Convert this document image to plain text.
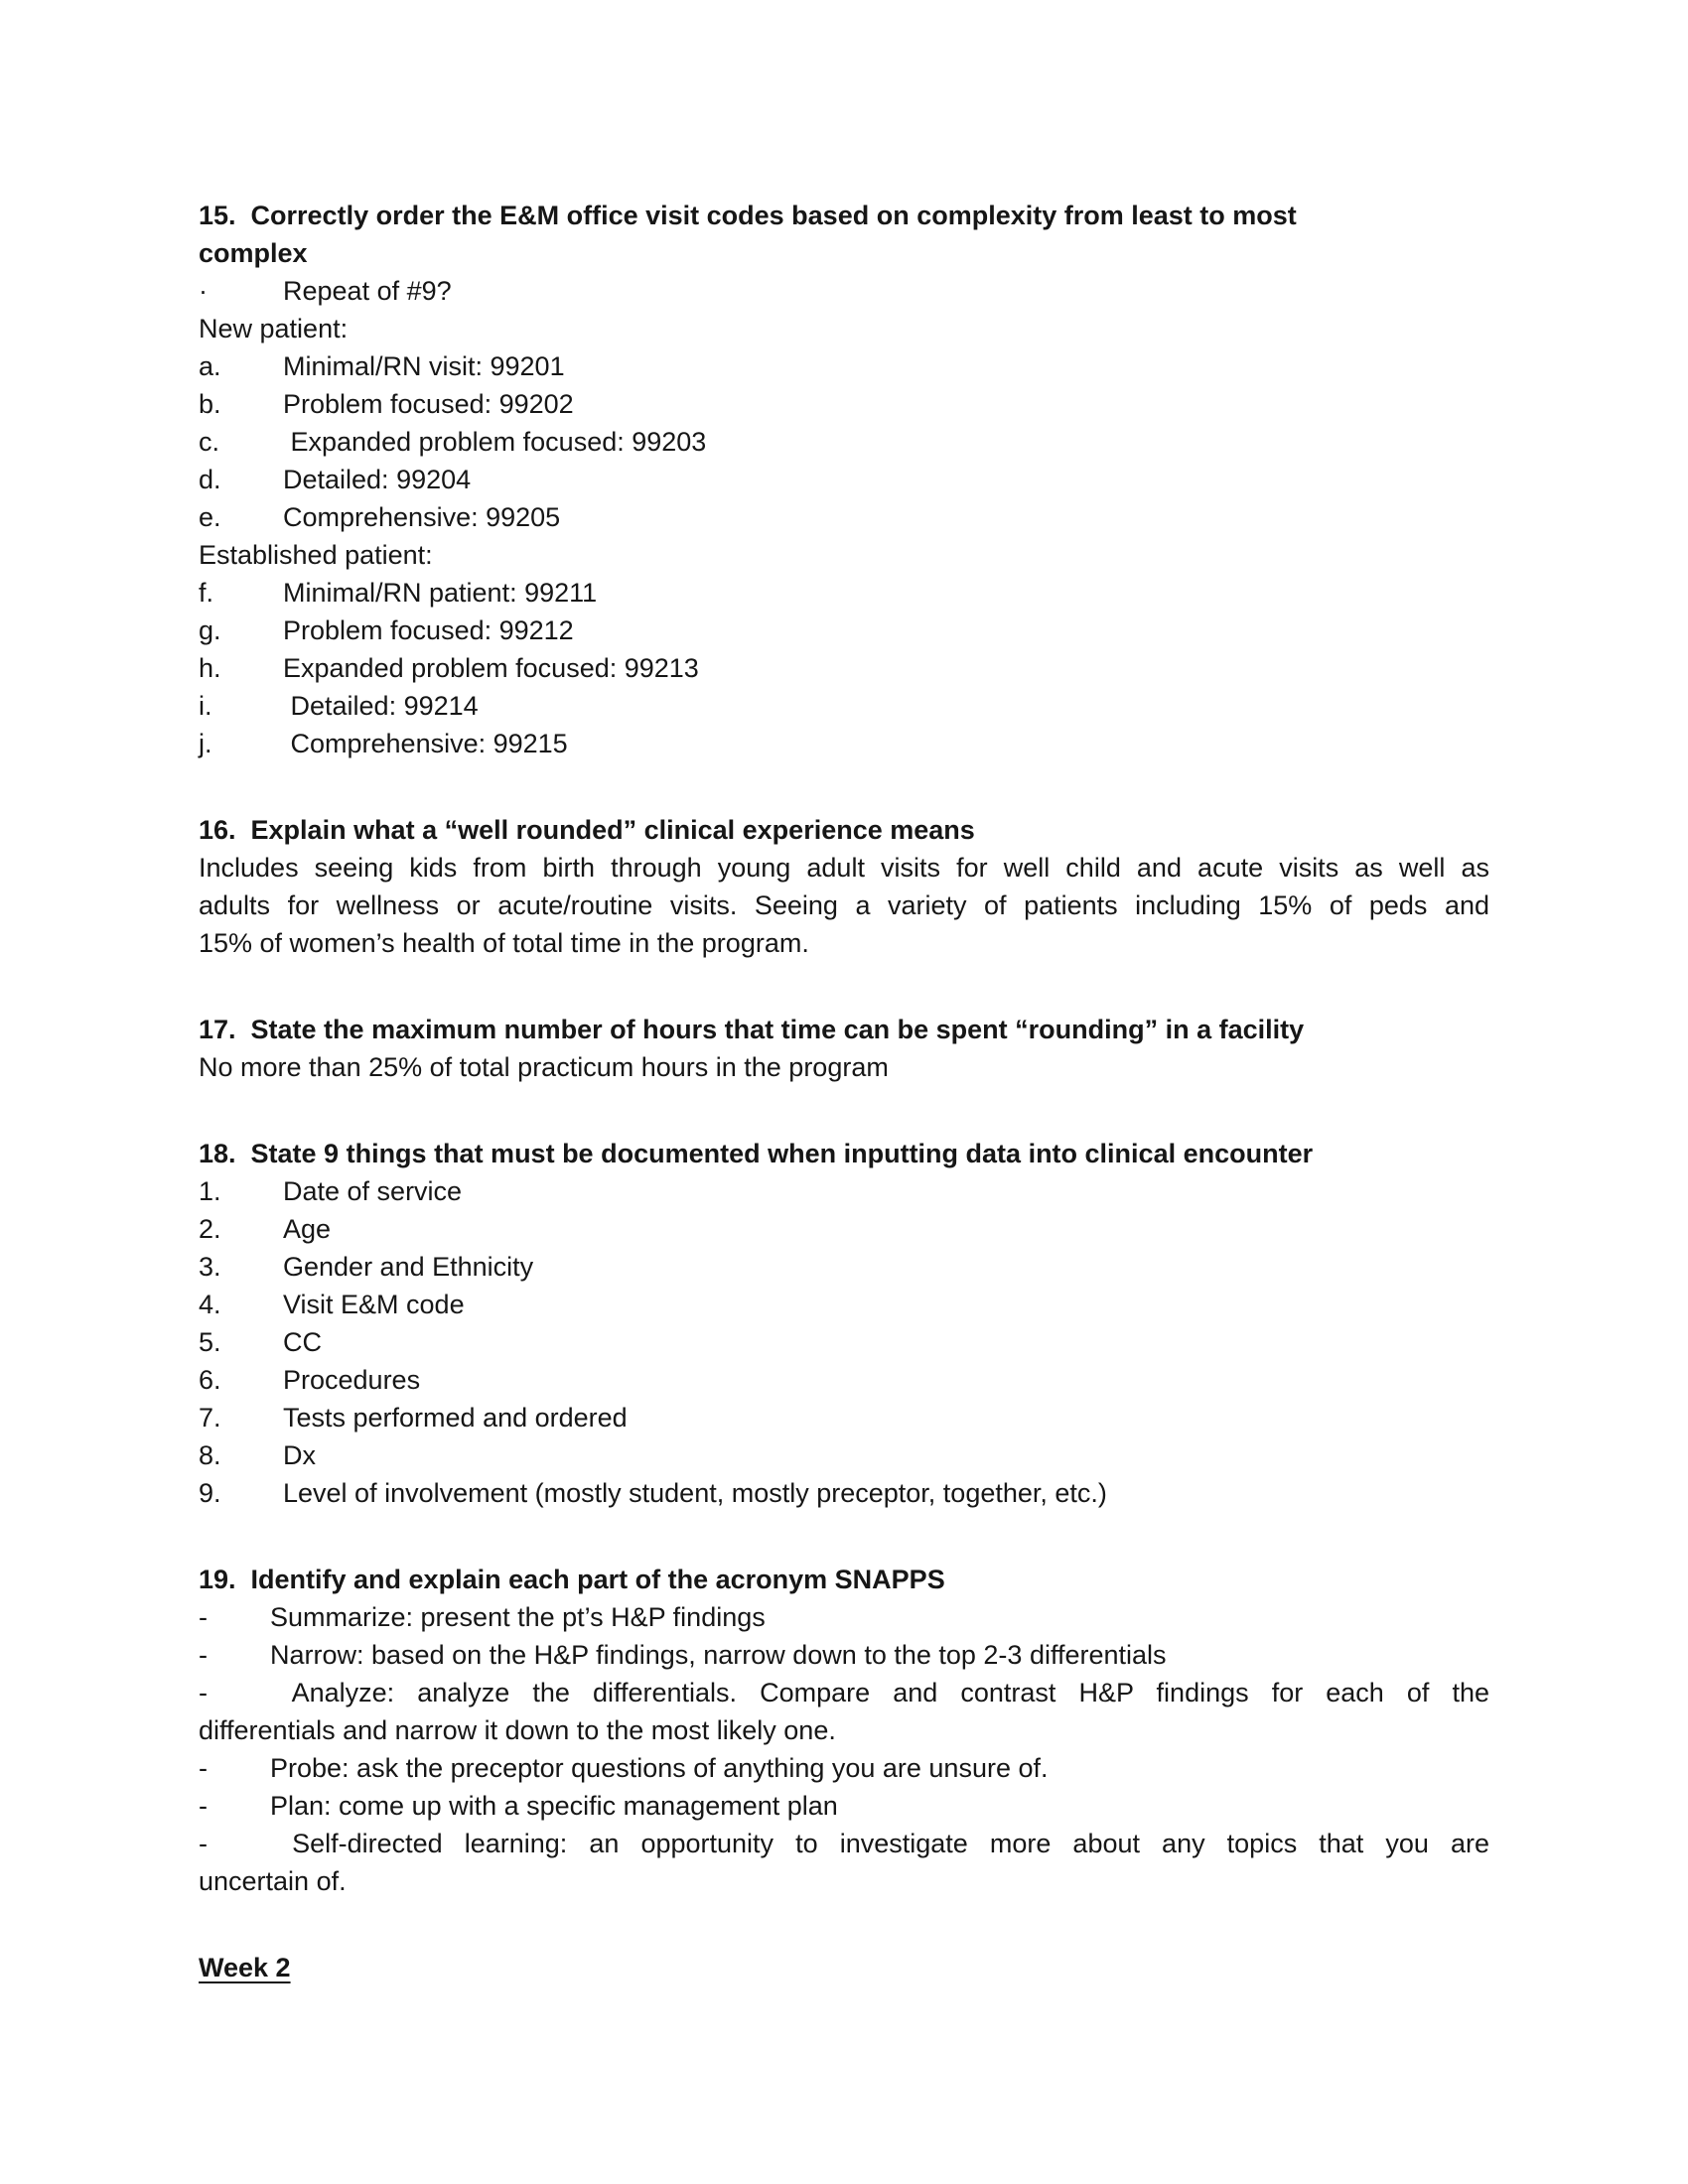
15.  Correctly order the E&M office visit codes based on complexity from least to most
complex
·	Repeat of #9?
New patient:
a. Minimal/RN visit: 99201
b. Problem focused: 99202
c. Expanded problem focused: 99203
d. Detailed: 99204
e. Comprehensive: 99205
Established patient:
f.	Minimal/RN patient: 99211
g. Problem focused: 99212
h. Expanded problem focused: 99213
i.	Detailed: 99214
j.	Comprehensive: 99215
16.  Explain what a “well rounded” clinical experience means
Includes seeing kids from birth through young adult visits for well child and acute visits as well as
adults for wellness or acute/routine visits. Seeing a variety of patients including 15% of peds and
15% of women’s health of total time in the program.
17.  State the maximum number of hours that time can be spent “rounding” in a facility
No more than 25% of total practicum hours in the program
18.  State 9 things that must be documented when inputting data into clinical encounter
1. Date of service
2. Age
3. Gender and Ethnicity
4. Visit E&M code
5. CC
6. Procedures
7. Tests performed and ordered
8. Dx
9. Level of involvement (mostly student, mostly preceptor, together, etc.)
19.  Identify and explain each part of the acronym SNAPPS
- Summarize: present the pt’s H&P findings
- Narrow: based on the H&P findings, narrow down to the top 2-3 differentials
-	Analyze: analyze the differentials. Compare and contrast H&P findings for each of the
differentials and narrow it down to the most likely one.
- Probe: ask the preceptor questions of anything you are unsure of.
- Plan: come up with a specific management plan
-	Self-directed learning: an opportunity to investigate more about any topics that you are
uncertain of.
Week 2
